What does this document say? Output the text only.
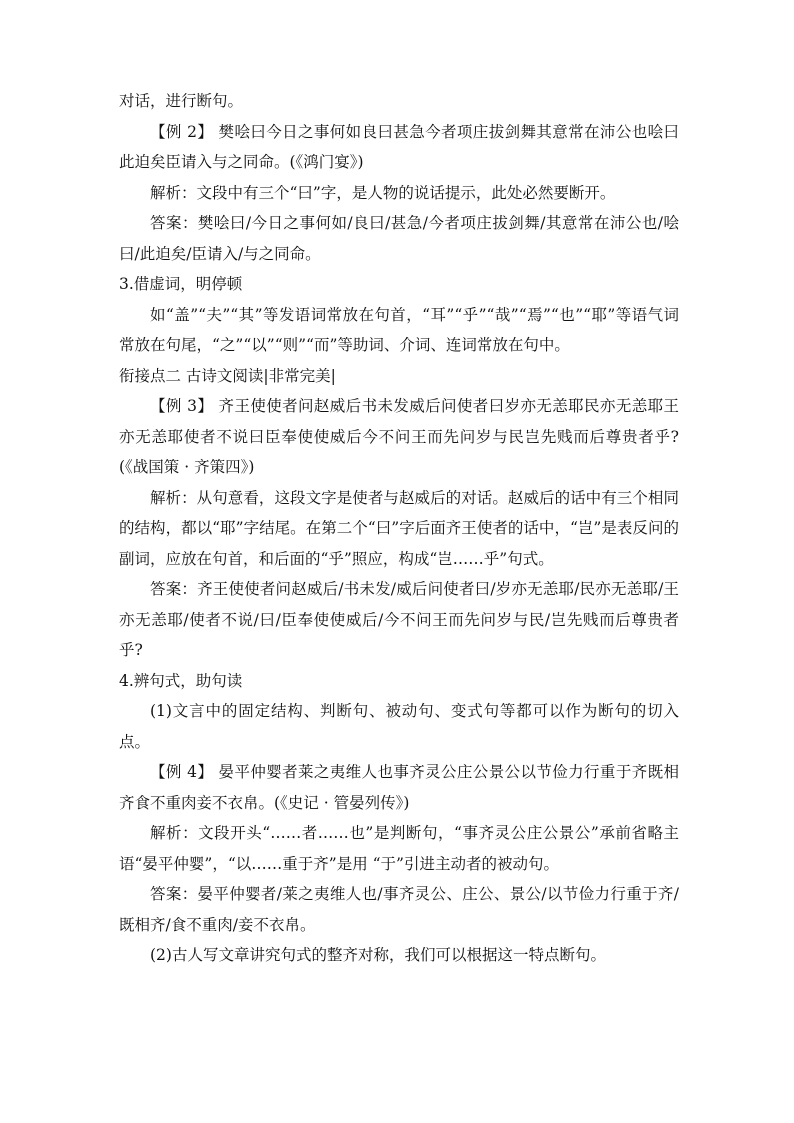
对话，进行断句。

【例 2】 樊哙曰今日之事何如良曰甚急今者项庄拔剑舞其意常在沛公也哙曰此迫矣臣请入与之同命。(《鸿门宴》)

解析：文段中有三个“曰”字，是人物的说话提示，此处必然要断开。

答案：樊哙曰/今日之事何如/良曰/甚急/今者项庄拔剑舞/其意常在沛公也/哙曰/此迫矣/臣请入/与之同命。

3.借虚词，明停顿

如“盖”“夫”“其”等发语词常放在句首，“耳”“乎”“哉”“焉”“也”“耶”等语气词常放在句尾，“之”“以”“则”“而”等助词、介词、连词常放在句中。

衔接点二 古诗文阅读|非常完美|

【例 3】 齐王使使者问赵威后书未发威后问使者曰岁亦无恙耶民亦无恙耶王亦无恙耶使者不说曰臣奉使使威后今不问王而先问岁与民岂先贱而后尊贵者乎?(《战国策 · 齐策四》)

解析：从句意看，这段文字是使者与赵威后的对话。赵威后的话中有三个相同的结构，都以“耶”字结尾。在第二个“曰”字后面齐王使者的话中，“岂”是表反问的副词，应放在句首，和后面的“乎”照应，构成“岂……乎”句式。

答案：齐王使使者问赵威后/书未发/威后问使者曰/岁亦无恙耶/民亦无恙耶/王亦无恙耶/使者不说/曰/臣奉使使威后/今不问王而先问岁与民/岂先贱而后尊贵者乎?

4.辨句式，助句读

(1)文言中的固定结构、判断句、被动句、变式句等都可以作为断句的切入点。

【例 4】 晏平仲婴者莱之夷维人也事齐灵公庄公景公以节俭力行重于齐既相齐食不重肉妾不衣帛。(《史记 · 管晏列传》)

解析：文段开头“……者……也”是判断句，“事齐灵公庄公景公”承前省略主语“晏平仲婴”，“以……重于齐”是用 “于”引进主动者的被动句。

答案：晏平仲婴者/莱之夷维人也/事齐灵公、庄公、景公/以节俭力行重于齐/既相齐/食不重肉/妾不衣帛。

(2)古人写文章讲究句式的整齐对称，我们可以根据这一特点断句。
